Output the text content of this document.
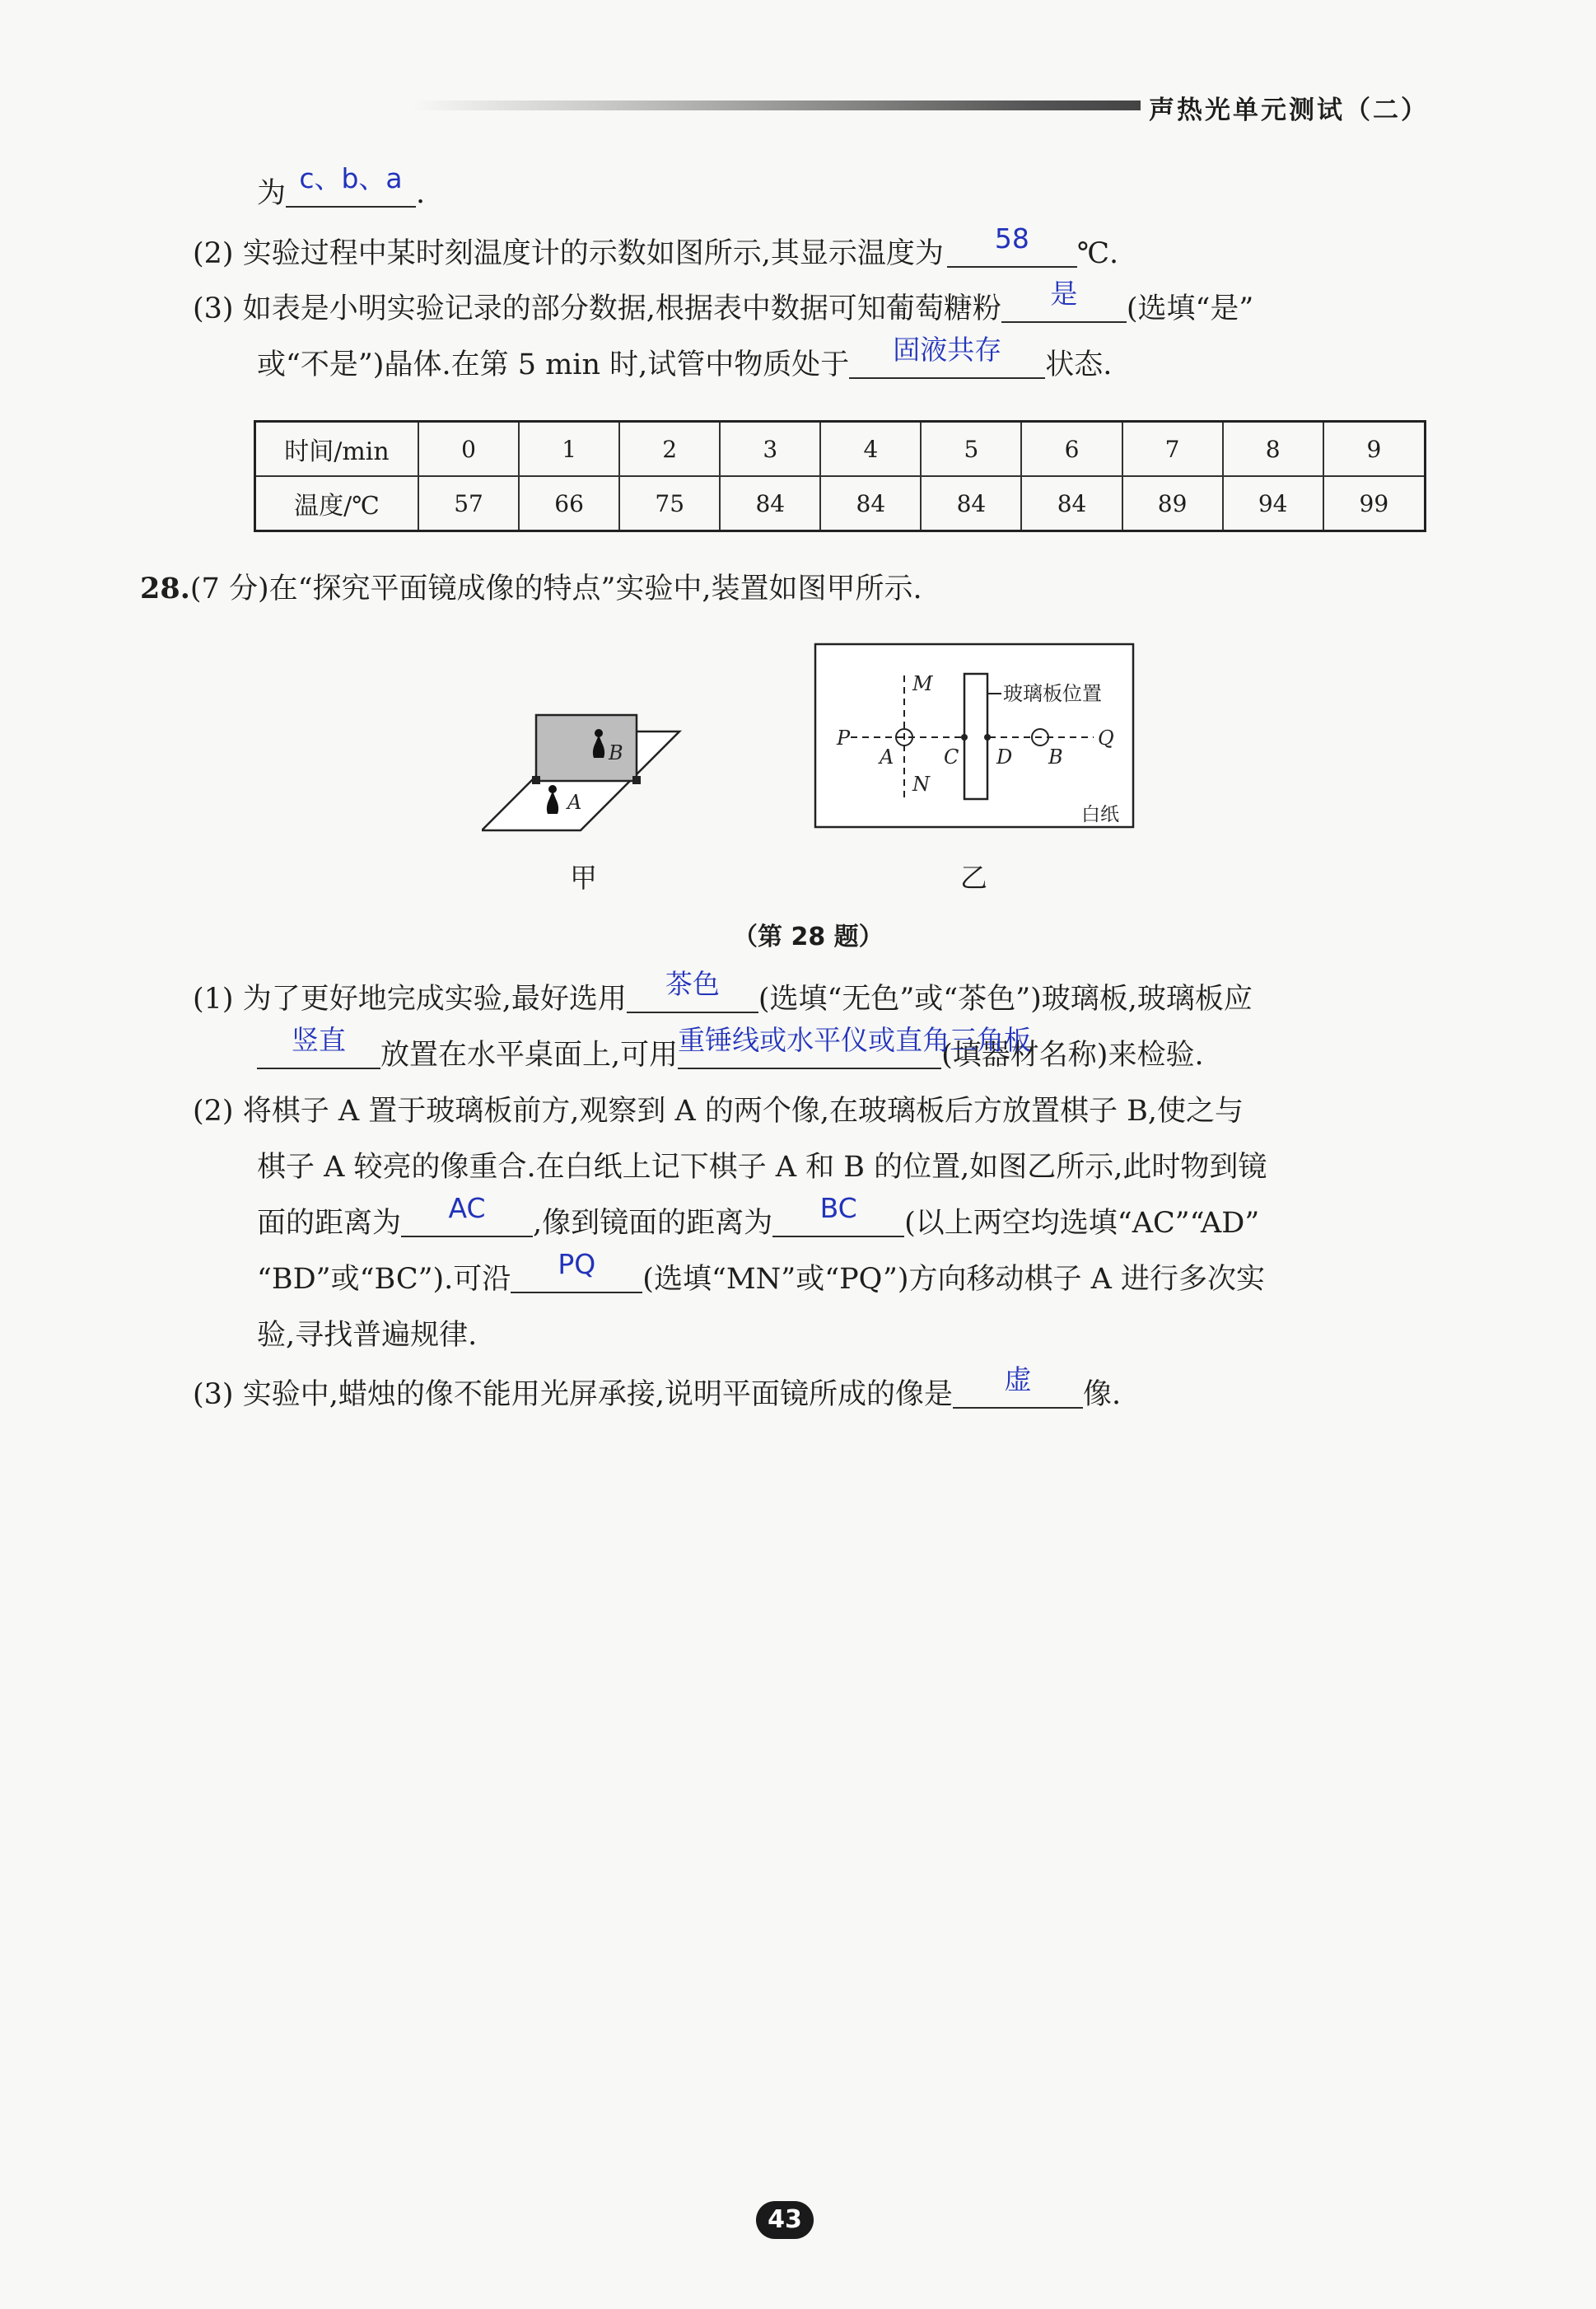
声热光单元测试（二）
为 c、b、a .
(2) 实验过程中某时刻温度计的示数如图所示,其显示温度为	58	℃.
(3) 如表是小明实验记录的部分数据,根据表中数据可知葡萄糖粉	是	(选填“是”
或“不是”)晶体.在第 5 min 时,试管中物质处于	固液共存	状态.
时间/min	0	1	2	3	4	5	6	7	8	9
温度/℃	57	66	75	84	84	84	84	89	94	99
28.(7 分)在“探究平面镜成像的特点”实验中,装置如图甲所示.
B
A
甲
M
N
P	Q
A	C D B
玻璃板位置
白纸
乙
（第 28 题）
(1) 为了更好地完成实验,最好选用	茶色	(选填“无色”或“茶色”)玻璃板,玻璃板应
竖直	放置在水平桌面上,可用 重锤线或水平仪或直角三角板
(填器材名称)来检验.
(2) 将棋子 A 置于玻璃板前方,观察到 A 的两个像,在玻璃板后方放置棋子 B,使之与
棋子 A 较亮的像重合.在白纸上记下棋子 A 和 B 的位置,如图乙所示,此时物到镜
面的距离为	AC	,像到镜面的距离为	BC	(以上两空均选填“AC”“AD”
“BD”或“BC”).可沿	PQ	(选填“MN”或“PQ”)方向移动棋子 A 进行多次实
验,寻找普遍规律.
(3) 实验中,蜡烛的像不能用光屏承接,说明平面镜所成的像是	虚	像.
43
